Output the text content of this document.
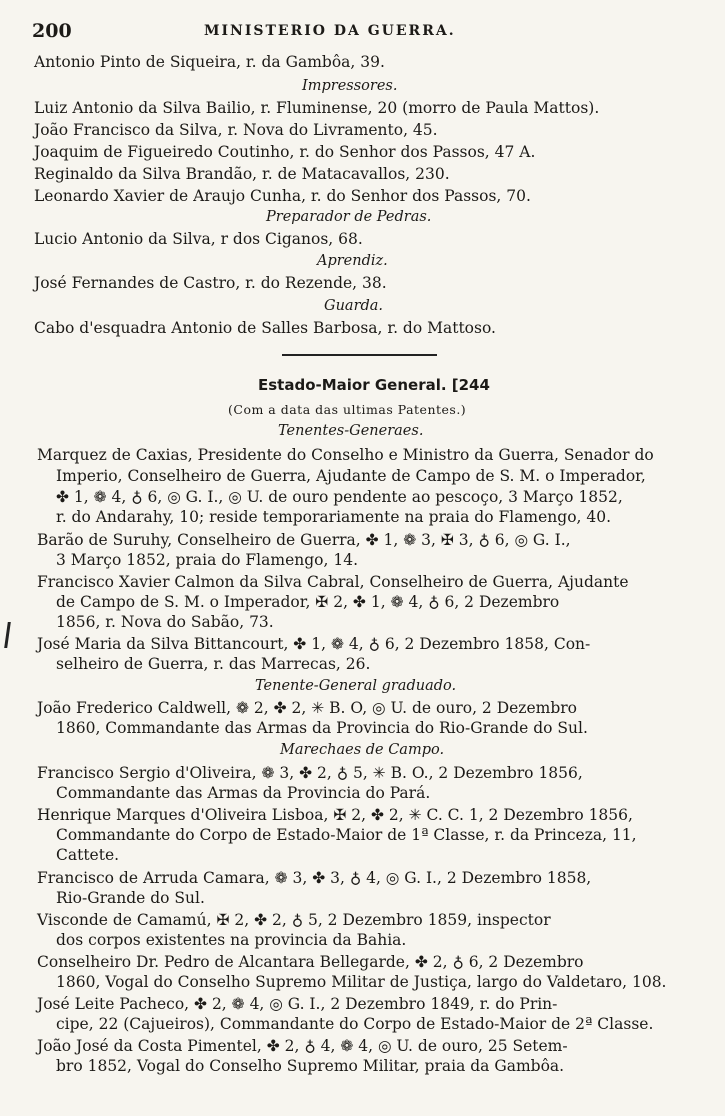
200	MINISTERIO DA GUERRA.
Antonio Pinto de Siqueira, r. da Gambôa, 39.
Impressores.
Luiz Antonio da Silva Bailio, r. Fluminense, 20 (morro de Paula Mattos).
João Francisco da Silva, r. Nova do Livramento, 45.
Joaquim de Figueiredo Coutinho, r. do Senhor dos Passos, 47 A.
Reginaldo da Silva Brandão, r. de Matacavallos, 230.
Leonardo Xavier de Araujo Cunha, r. do Senhor dos Passos, 70.
Preparador de Pedras.
Lucio Antonio da Silva, r dos Ciganos, 68.
Aprendiz.
José Fernandes de Castro, r. do Rezende, 38.
Guarda.
Cabo d'esquadra Antonio de Salles Barbosa, r. do Mattoso.
Estado-Maior General. [244
(Com a data das ultimas Patentes.)
Tenentes-Generaes.
Marquez de Caxias, Presidente do Conselho e Ministro da Guerra, Senador do
Imperio, Conselheiro de Guerra, Ajudante de Campo de S. M. o Imperador,
✤ 1, ❁ 4, ♁ 6, ◎ G. I., ◎ U. de ouro pendente ao pescoço, 3 Março 1852,
r. do Andarahy, 10; reside temporariamente na praia do Flamengo, 40.
Barão de Suruhy, Conselheiro de Guerra, ✤ 1, ❁ 3, ✠ 3, ♁ 6, ◎ G. I.,
3 Março 1852, praia do Flamengo, 14.
Francisco Xavier Calmon da Silva Cabral, Conselheiro de Guerra, Ajudante
de Campo de S. M. o Imperador, ✠ 2, ✤ 1, ❁ 4, ♁ 6, 2 Dezembro
1856, r. Nova do Sabão, 73.
José Maria da Silva Bittancourt, ✤ 1, ❁ 4, ♁ 6, 2 Dezembro 1858, Con-
selheiro de Guerra, r. das Marrecas, 26.
Tenente-General graduado.
João Frederico Caldwell, ❁ 2, ✤ 2, ✳ B. O, ◎ U. de ouro, 2 Dezembro
1860, Commandante das Armas da Provincia do Rio-Grande do Sul.
Marechaes de Campo.
Francisco Sergio d'Oliveira, ❁ 3, ✤ 2, ♁ 5, ✳ B. O., 2 Dezembro 1856,
Commandante das Armas da Provincia do Pará.
Henrique Marques d'Oliveira Lisboa, ✠ 2, ✤ 2, ✳ C. C. 1, 2 Dezembro 1856,
Commandante do Corpo de Estado-Maior de 1ª Classe, r. da Princeza, 11,
Cattete.
Francisco de Arruda Camara, ❁ 3, ✤ 3, ♁ 4, ◎ G. I., 2 Dezembro 1858,
Rio-Grande do Sul.
Visconde de Camamú, ✠ 2, ✤ 2, ♁ 5, 2 Dezembro 1859, inspector
dos corpos existentes na provincia da Bahia.
Conselheiro Dr. Pedro de Alcantara Bellegarde, ✤ 2, ♁ 6, 2 Dezembro
1860, Vogal do Conselho Supremo Militar de Justiça, largo do Valdetaro, 108.
José Leite Pacheco, ✤ 2, ❁ 4, ◎ G. I., 2 Dezembro 1849, r. do Prin-
cipe, 22 (Cajueiros), Commandante do Corpo de Estado-Maior de 2ª Classe.
João José da Costa Pimentel, ✤ 2, ♁ 4, ❁ 4, ◎ U. de ouro, 25 Setem-
bro 1852, Vogal do Conselho Supremo Militar, praia da Gambôa.
